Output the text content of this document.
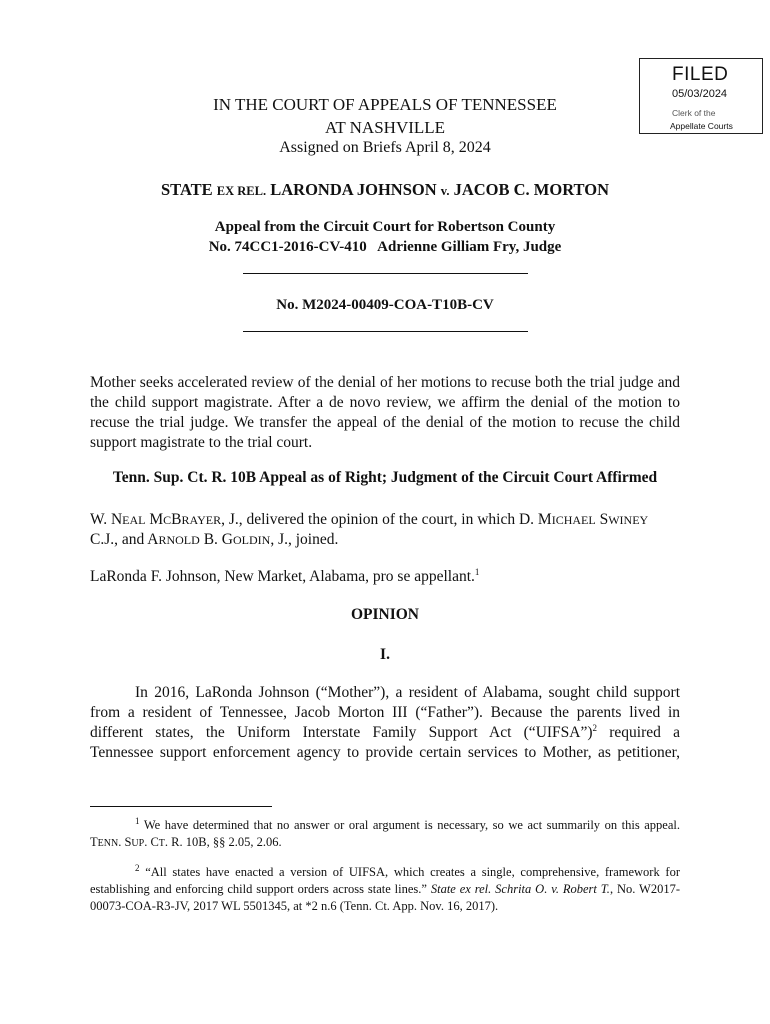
FILED
05/03/2024
Clerk of the
Appellate Courts
IN THE COURT OF APPEALS OF TENNESSEE
AT NASHVILLE
Assigned on Briefs April 8, 2024
STATE EX REL. LARONDA JOHNSON v. JACOB C. MORTON
Appeal from the Circuit Court for Robertson County
No. 74CC1-2016-CV-410   Adrienne Gilliam Fry, Judge
No. M2024-00409-COA-T10B-CV
Mother seeks accelerated review of the denial of her motions to recuse both the trial judge and the child support magistrate. After a de novo review, we affirm the denial of the motion to recuse the trial judge. We transfer the appeal of the denial of the motion to recuse the child support magistrate to the trial court.
Tenn. Sup. Ct. R. 10B Appeal as of Right; Judgment of the Circuit Court Affirmed
W. NEAL MCBRAYER, J., delivered the opinion of the court, in which D. MICHAEL SWINEY
C.J., and ARNOLD B. GOLDIN, J., joined.
LaRonda F. Johnson, New Market, Alabama, pro se appellant.$^1$
OPINION
I.
In 2016, LaRonda Johnson (“Mother”), a resident of Alabama, sought child support
from a resident of Tennessee, Jacob Morton III (“Father”). Because the parents lived in
different states, the Uniform Interstate Family Support Act (“UIFSA”)$^2$ required a
Tennessee support enforcement agency to provide certain services to Mother, as petitioner,
$^1$ We have determined that no answer or oral argument is necessary, so we act summarily on this appeal. TENN. SUP. CT. R. 10B, §§ 2.05, 2.06.
$^2$ “All states have enacted a version of UIFSA, which creates a single, comprehensive, framework for establishing and enforcing child support orders across state lines.” State ex rel. Schrita O. v. Robert T., No. W2017-00073-COA-R3-JV, 2017 WL 5501345, at *2 n.6 (Tenn. Ct. App. Nov. 16, 2017).
